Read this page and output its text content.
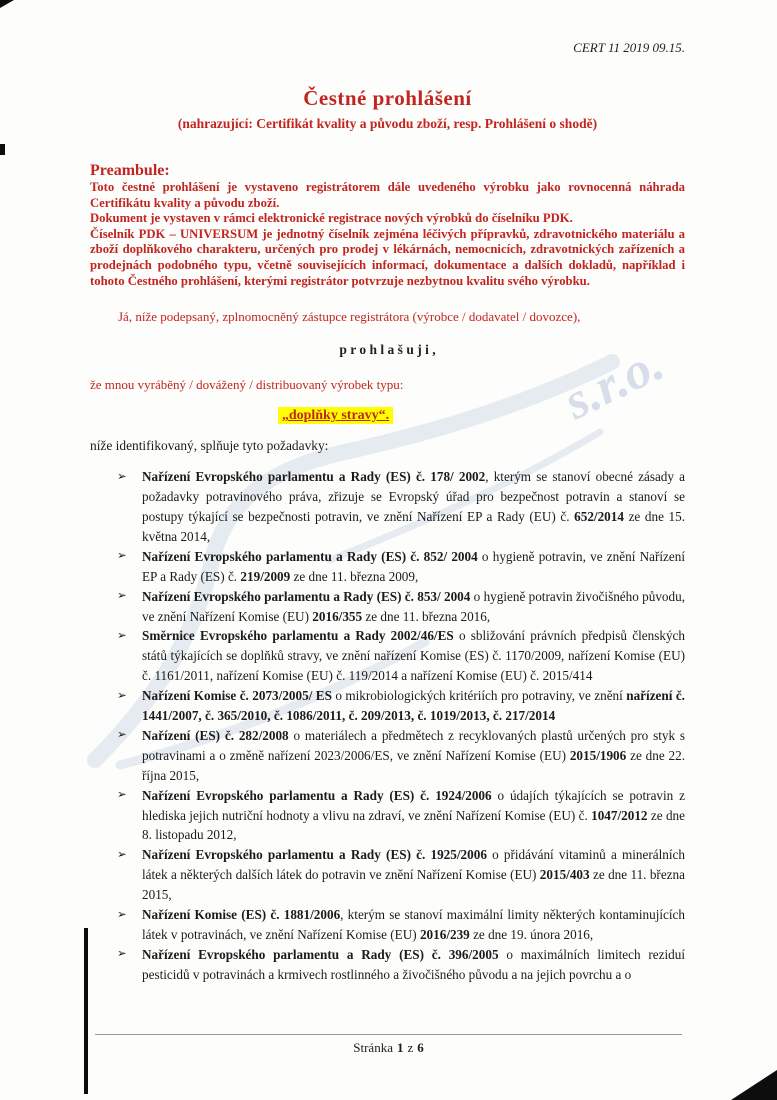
s.r.o.
CERT 11 2019 09.15.
Čestné prohlášení
(nahrazující: Certifikát kvality a původu zboží, resp. Prohlášení o shodě)
Preambule:

Toto čestné prohlášení je vystaveno registrátorem dále uvedeného výrobku jako rovnocenná náhrada Certifikátu kvality a původu zboží.

Dokument je vystaven v rámci elektronické registrace nových výrobků do číselníku PDK.

Číselník PDK – UNIVERSUM je jednotný číselník zejména léčivých přípravků, zdravotnického materiálu a zboží doplňkového charakteru, určených pro prodej v lékárnách, nemocnicích, zdravotnických zařízeních a prodejnách podobného typu, včetně souvisejících informací, dokumentace a dalších dokladů, například i tohoto Čestného prohlášení, kterými registrátor potvrzuje nezbytnou kvalitu svého výrobku.

Já, níže podepsaný, zplnomocněný zástupce registrátora (výrobce / dodavatel / dovozce),

p r o h l a š u j i ,

že mnou vyráběný / dovážený / distribuovaný výrobek typu:

„doplňky stravy“.

níže identifikovaný, splňuje tyto požadavky:

➢ Nařízení Evropského parlamentu a Rady (ES) č. 178/ 2002, kterým se stanoví obecné zásady a požadavky potravinového práva, zřizuje se Evropský úřad pro bezpečnost potravin a stanoví se postupy týkající se bezpečnosti potravin, ve znění Nařízení EP a Rady (EU) č. 652/2014 ze dne 15. května 2014,
➢ Nařízení Evropského parlamentu a Rady (ES) č. 852/ 2004 o hygieně potravin, ve znění Nařízení EP a Rady (ES) č. 219/2009 ze dne 11. března 2009,
➢ Nařízení Evropského parlamentu a Rady (ES) č. 853/ 2004 o hygieně potravin živočišného původu, ve znění Nařízení Komise (EU) 2016/355 ze dne 11. března 2016,
➢ Směrnice Evropského parlamentu a Rady 2002/46/ES o sbližování právních předpisů členských států týkajících se doplňků stravy, ve znění nařízení Komise (ES) č. 1170/2009, nařízení Komise (EU) č. 1161/2011, nařízení Komise (EU) č. 119/2014 a nařízení Komise (EU) č. 2015/414
➢ Nařízení Komise č. 2073/2005/ ES o mikrobiologických kritériích pro potraviny, ve znění nařízení č. 1441/2007, č. 365/2010, č. 1086/2011, č. 209/2013, č. 1019/2013, č. 217/2014
➢ Nařízení (ES) č. 282/2008 o materiálech a předmětech z recyklovaných plastů určených pro styk s potravinami a o změně nařízení 2023/2006/ES, ve znění Nařízení Komise (EU) 2015/1906 ze dne 22. října 2015,
➢ Nařízení Evropského parlamentu a Rady (ES) č. 1924/2006 o údajích týkajících se potravin z hlediska jejich nutriční hodnoty a vlivu na zdraví, ve znění Nařízení Komise (EU) č. 1047/2012 ze dne 8. listopadu 2012,
➢ Nařízení Evropského parlamentu a Rady (ES) č. 1925/2006 o přidávání vitaminů a minerálních látek a některých dalších látek do potravin ve znění Nařízení Komise (EU) 2015/403 ze dne 11. března 2015,
➢ Nařízení Komise (ES) č. 1881/2006, kterým se stanoví maximální limity některých kontaminujících látek v potravinách, ve znění Nařízení Komise (EU) 2016/239 ze dne 19. února 2016,
➢ Nařízení Evropského parlamentu a Rady (ES) č. 396/2005 o maximálních limitech reziduí pesticidů v potravinách a krmivech rostlinného a živočišného původu a na jejich povrchu a o
Stránka 1 z 6
